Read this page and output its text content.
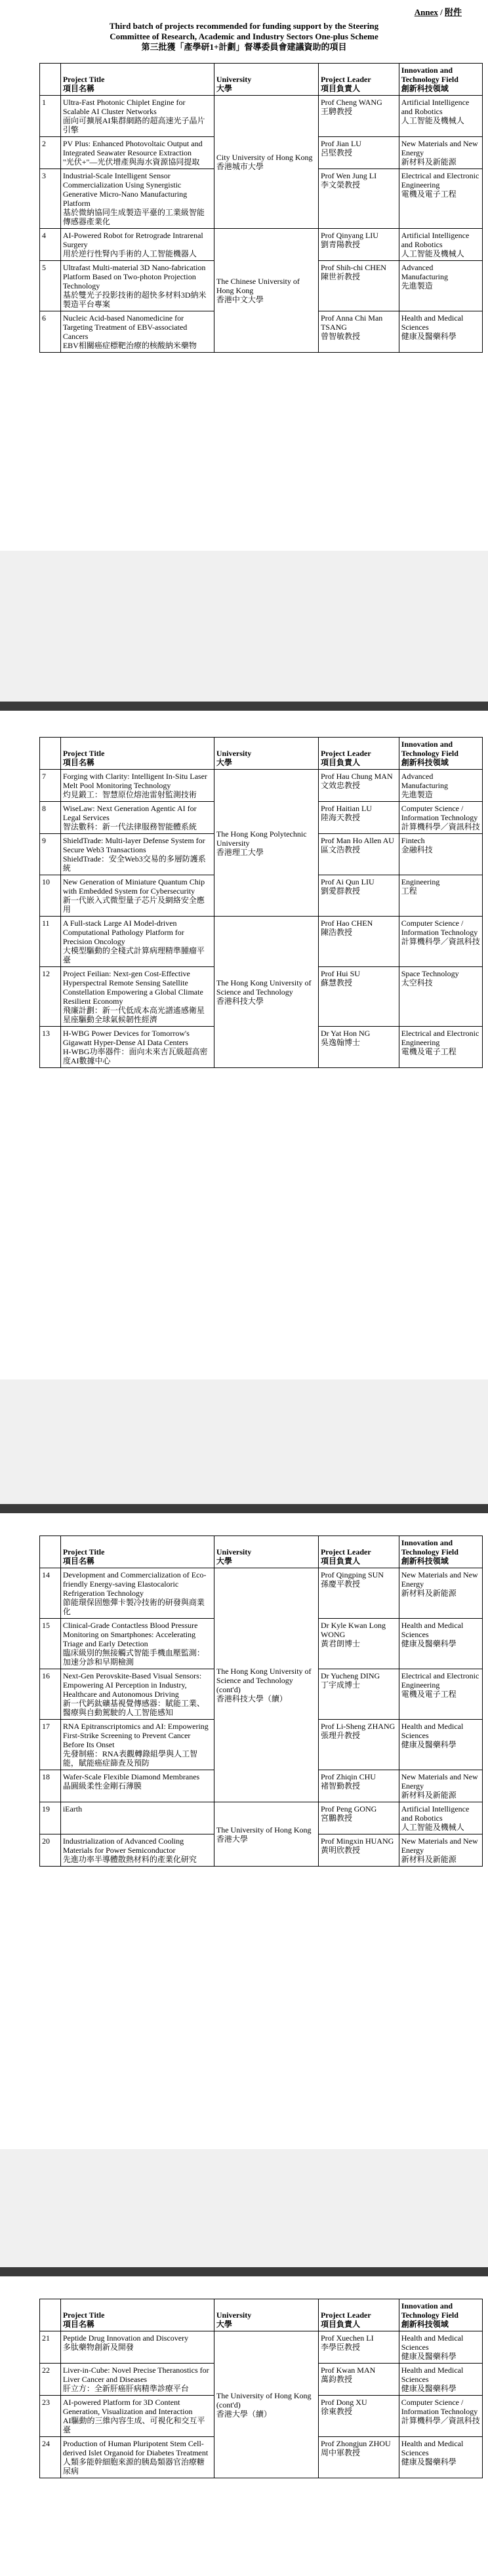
Annex / 附件
Third batch of projects recommended for funding support by the Steering
Committee of Research, Academic and Industry Sectors One-plus Scheme
第三批獲「產學研1+計劃」督導委員會建議資助的項目

	Project Title
項目名稱	University
大學	Project Leader
項目負責人	Innovation and Technology Field
創新科技領域

1	Ultra-Fast Photonic Chiplet Engine for Scalable AI Cluster Networks
面向可擴展AI集群網路的超高速光子晶片引擎	City University of Hong Kong
香港城市大學	Prof Cheng WANG
王騁教授	Artificial Intelligence and Robotics
人工智能及機械人

2	PV Plus: Enhanced Photovoltaic Output and Integrated Seawater Resource Extraction
"光伏+"—光伏增產與海水資源協同提取		Prof Jian LU
呂堅教授	New Materials and New Energy
新材料及新能源

3	Industrial-Scale Intelligent Sensor Commercialization Using Synergistic Generative Micro-Nano Manufacturing Platform
基於微納協同生成製造平臺的工業級智能傳感器產業化		Prof Wen Jung LI
李文榮教授	Electrical and Electronic Engineering
電機及電子工程

4	AI-Powered Robot for Retrograde Intrarenal Surgery
用於逆行性腎內手術的人工智能機器人	The Chinese University of Hong Kong
香港中文大學	Prof Qinyang LIU
劉青陽教授	Artificial Intelligence and Robotics
人工智能及機械人

5	Ultrafast Multi-material 3D Nano-fabrication Platform Based on Two-photon Projection Technology
基於雙光子投影技術的超快多材料3D納米製造平台專案		Prof Shih-chi CHEN
陳世祈教授	Advanced Manufacturing
先進製造

6	Nucleic Acid-based Nanomedicine for Targeting Treatment of EBV-associated Cancers
EBV相關癌症標靶治療的核酸納米藥物		Prof Anna Chi Man TSANG
曾智敏教授	Health and Medical Sciences
健康及醫藥科學

	Project Title
項目名稱	University
大學	Project Leader
項目負責人	Innovation and Technology Field
創新科技領域

7	Forging with Clarity: Intelligent In-Situ Laser Melt Pool Monitoring Technology
灼見鍛工：智慧原位熔池雷射監測技術	The Hong Kong Polytechnic University
香港理工大學	Prof Hau Chung MAN
文效忠教授	Advanced Manufacturing
先進製造

8	WiseLaw: Next Generation Agentic AI for Legal Services
智法數科：新一代法律服務智能體系統		Prof Haitian LU
陸海天教授	Computer Science / Information Technology
計算機科學／資訊科技

9	ShieldTrade: Multi-layer Defense System for Secure Web3 Transactions
ShieldTrade：安全Web3交易的多層防護系統		Prof Man Ho Allen AU
區文浩教授	Fintech
金融科技

10	New Generation of Miniature Quantum Chip with Embedded System for Cybersecurity
新一代嵌入式微型量子芯片及網絡安全應用		Prof Ai Qun LIU
劉愛群教授	Engineering
工程

11	A Full-stack Large AI Model-driven Computational Pathology Platform for Precision Oncology
大模型驅動的全棧式計算病理精準腫瘤平臺	The Hong Kong University of Science and Technology
香港科技大學	Prof Hao CHEN
陳浩教授	Computer Science / Information Technology
計算機科學／資訊科技

12	Project Feilian: Next-gen Cost-Effective Hyperspectral Remote Sensing Satellite Constellation Empowering a Global Climate Resilient Economy
飛廉計劃：新一代低成本高光譜遙感衛星星座驅動全球氣候韌性經濟		Prof Hui SU
蘇慧教授	Space Technology
太空科技

13	H-WBG Power Devices for Tomorrow's Gigawatt Hyper-Dense AI Data Centers
H-WBG功率器件：面向未來吉瓦級超高密度AI數據中心		Dr Yat Hon NG
吳逸翰博士	Electrical and Electronic Engineering
電機及電子工程

	Project Title
項目名稱	University
大學	Project Leader
項目負責人	Innovation and Technology Field
創新科技領域

14	Development and Commercialization of Eco-friendly Energy-saving Elastocaloric Refrigeration Technology
節能環保固態彈卡製冷技術的研發與商業化	The Hong Kong University of Science and Technology (cont'd)
香港科技大學（續）	Prof Qingping SUN
孫慶平教授	New Materials and New Energy
新材料及新能源

15	Clinical-Grade Contactless Blood Pressure Monitoring on Smartphones: Accelerating Triage and Early Detection
臨床級別的無接觸式智能手機血壓監測：加速分診和早期檢測		Dr Kyle Kwan Long WONG
黃君朗博士	Health and Medical Sciences
健康及醫藥科學

16	Next-Gen Perovskite-Based Visual Sensors: Empowering AI Perception in Industry, Healthcare and Autonomous Driving
新一代鈣鈦礦基視覺傳感器：賦能工業、醫療與自動駕駛的人工智能感知		Dr Yucheng DING
丁宇成博士	Electrical and Electronic Engineering
電機及電子工程

17	RNA Epitranscriptomics and AI: Empowering First-Strike Screening to Prevent Cancer Before Its Onset
先發制癌：RNA表觀轉錄組學與人工智能，賦能癌症篩查及預防		Prof Li-Sheng ZHANG
張理升教授	Health and Medical Sciences
健康及醫藥科學

18	Wafer-Scale Flexible Diamond Membranes
晶圓級柔性金剛石薄膜		Prof Zhiqin CHU
褚智勤教授	New Materials and New Energy
新材料及新能源

19	iEarth	The University of Hong Kong
香港大學	Prof Peng GONG
宮鵬教授	Artificial Intelligence and Robotics
人工智能及機械人

20	Industrialization of Advanced Cooling Materials for Power Semiconductor
先進功率半導體散熱材料的產業化研究		Prof Mingxin HUANG
黃明欣教授	New Materials and New Energy
新材料及新能源

	Project Title
項目名稱	University
大學	Project Leader
項目負責人	Innovation and Technology Field
創新科技領域

21	Peptide Drug Innovation and Discovery
多肽藥物創新及開發	The University of Hong Kong (cont'd)
香港大學（續）	Prof Xuechen LI
李學臣教授	Health and Medical Sciences
健康及醫藥科學

22	Liver-in-Cube: Novel Precise Theranostics for Liver Cancer and Diseases
肝立方：全新肝癌肝病精準診療平台		Prof Kwan MAN
萬鈞教授	Health and Medical Sciences
健康及醫藥科學

23	AI-powered Platform for 3D Content Generation, Visualization and Interaction
AI驅動的三維內容生成、可視化和交互平臺		Prof Dong XU
徐東教授	Computer Science / Information Technology
計算機科學／資訊科技

24	Production of Human Pluripotent Stem Cell-derived Islet Organoid for Diabetes Treatment
人類多能幹細胞來源的胰島類器官治療糖尿病		Prof Zhongjun ZHOU
周中軍教授	Health and Medical Sciences
健康及醫藥科學
